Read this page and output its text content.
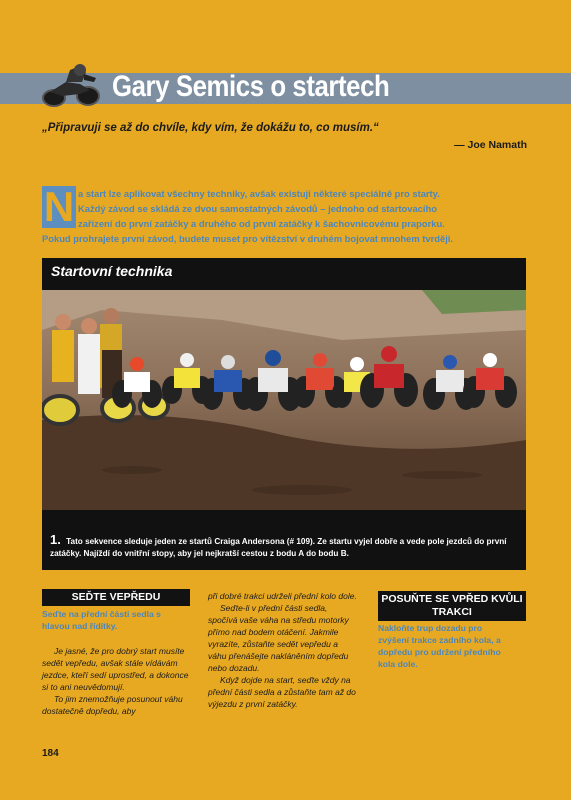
Gary Semics o startech
„Připravuji se až do chvíle, kdy vím, že dokážu to, co musím.“
— Joe Namath
N a start lze aplikovat všechny techniky, avšak existují některé speciálně pro starty.
Každý závod se skládá ze dvou samostatných závodů – jednoho od startovacího
zařízení do první zatáčky a druhého od první zatáčky k šachovnicovému praporku.
Pokud prohrajete první závod, budete muset pro vítězství v druhém bojovat mnohem tvrději.
Startovní technika
1. Tato sekvence sleduje jeden ze startů Craiga Andersona (# 109). Ze startu vyjel dobře a vede pole jezdců do první zatáčky. Najíždí do vnitřní stopy, aby jel nejkratší cestou z bodu A do bodu B.
SEĎTE VEPŘEDU
Seďte na přední části sedla s hlavou nad řídítky.

Je jasné, že pro dobrý start musíte sedět vepředu, avšak stále vídávám jezdce, kteří sedí uprostřed, a dokonce si to ani neuvědomují.

To jim znemožňuje posunout váhu dostatečně dopředu, aby

při dobré trakci udrželi přední kolo dole.

Seďte-li v přední části sedla, spočívá vaše váha na středu motorky přímo nad bodem otáčení. Jakmile vyrazíte, zůstaňte sedět vepředu a váhu přenášejte nakláněním dopředu nebo dozadu.

Když dojde na start, seďte vždy na přední části sedla a zůstaňte tam až do výjezdu z první zatáčky.

POSUŇTE SE VPŘED KVŮLI TRAKCI
Nakloňte trup dozadu pro zvýšení trakce zadního kola, a dopředu pro udržení předního kola dole.
184
